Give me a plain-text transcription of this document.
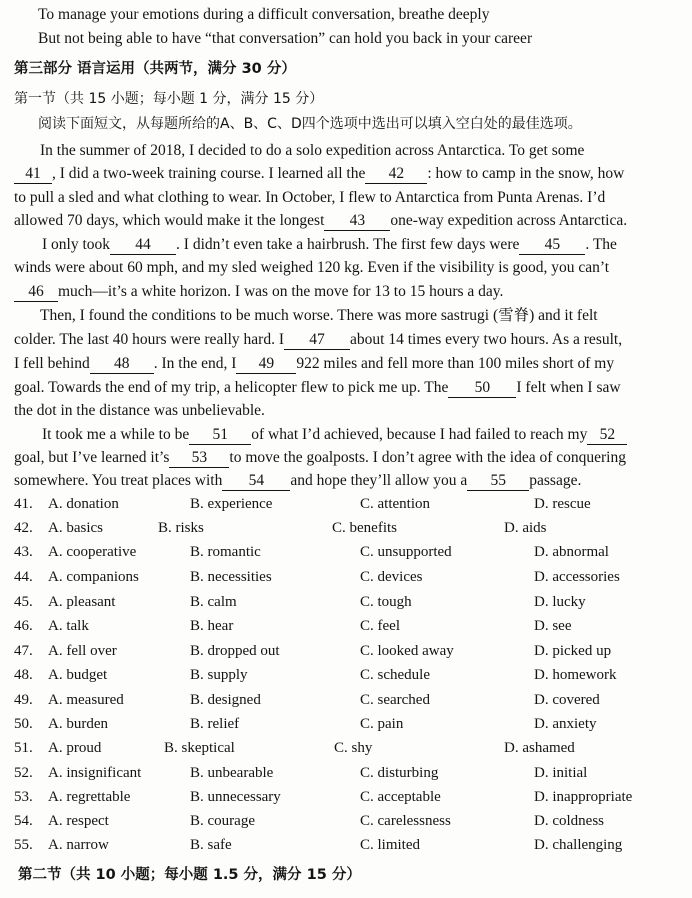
To manage your emotions during a difficult conversation, breathe deeply
But not being able to have “that conversation” can hold you back in your career
第三部分 语言运用（共两节，满分 30 分）
第一节（共 15 小题；每小题 1 分，满分 15 分）
阅读下面短文，从每题所给的A、B、C、D四个选项中选出可以填入空白处的最佳选项。
In the summer of 2018, I decided to do a solo expedition across Antarctica. To get some
41 , I did a two-week training course. I learned all the 42 : how to camp in the snow, how
to pull a sled and what clothing to wear. In October, I flew to Antarctica from Punta Arenas. I’d
allowed 70 days, which would make it the longest 43 one-way expedition across Antarctica.
I only took 44 . I didn’t even take a hairbrush. The first few days were 45 . The
winds were about 60 mph, and my sled weighed 120 kg. Even if the visibility is good, you can’t
46 much—it’s a white horizon. I was on the move for 13 to 15 hours a day.
Then, I found the conditions to be much worse. There was more sastrugi (雪脊) and it felt
colder. The last 40 hours were really hard. I 47 about 14 times every two hours. As a result,
I fell behind 48 . In the end, I 49 922 miles and fell more than 100 miles short of my
goal. Towards the end of my trip, a helicopter flew to pick me up. The 50 I felt when I saw
the dot in the distance was unbelievable.
It took me a while to be 51 of what I’d achieved, because I had failed to reach my 52
goal, but I’ve learned it’s 53 to move the goalposts. I don’t agree with the idea of conquering
somewhere. You treat places with 54 and hope they’ll allow you a 55 passage.
41. A. donation	B. experience	C. attention	D. rescue
42. A. basics	B. risks	C. benefits	D. aids
43. A. cooperative	B. romantic	C. unsupported	D. abnormal
44. A. companions	B. necessities	C. devices	D. accessories
45. A. pleasant	B. calm	C. tough	D. lucky
46. A. talk	B. hear	C. feel	D. see
47. A. fell over	B. dropped out	C. looked away	D. picked up
48. A. budget	B. supply	C. schedule	D. homework
49. A. measured	B. designed	C. searched	D. covered
50. A. burden	B. relief	C. pain	D. anxiety
51. A. proud	B. skeptical	C. shy	D. ashamed
52. A. insignificant	B. unbearable	C. disturbing	D. initial
53. A. regrettable	B. unnecessary	C. acceptable	D. inappropriate
54. A. respect	B. courage	C. carelessness	D. coldness
55. A. narrow	B. safe	C. limited	D. challenging
第二节（共 10 小题；每小题 1.5 分，满分 15 分）
